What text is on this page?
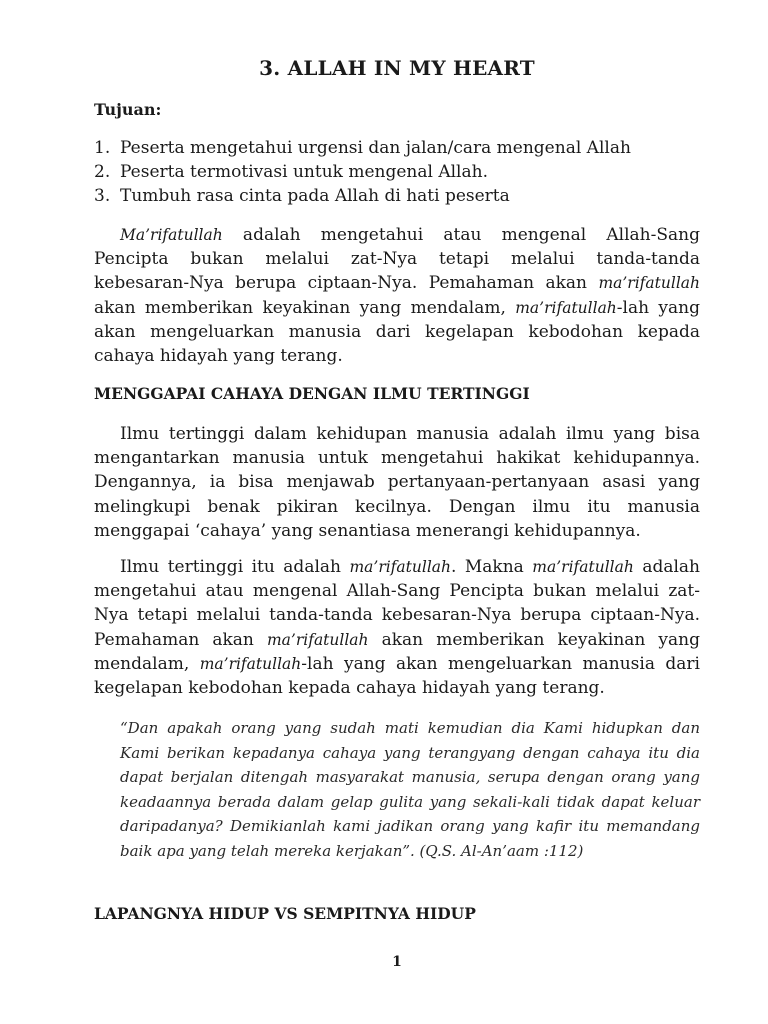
3. ALLAH IN MY HEART

Tujuan:

1. Peserta mengetahui urgensi dan jalan/cara mengenal Allah
2. Peserta termotivasi untuk mengenal Allah.
3. Tumbuh rasa cinta pada Allah di hati peserta

Ma’rifatullah adalah mengetahui atau mengenal Allah-Sang Pencipta bukan melalui zat-Nya tetapi melalui tanda-tanda kebesaran-Nya berupa ciptaan-Nya. Pemahaman akan ma’rifatullah akan memberikan keyakinan yang mendalam, ma’rifatullah-lah yang akan mengeluarkan manusia dari kegelapan kebodohan kepada cahaya hidayah yang terang.

MENGGAPAI CAHAYA DENGAN ILMU TERTINGGI

Ilmu tertinggi dalam kehidupan manusia adalah ilmu yang bisa mengantarkan manusia untuk mengetahui hakikat kehidupannya. Dengannya, ia bisa menjawab pertanyaan-pertanyaan asasi yang melingkupi benak pikiran kecilnya. Dengan ilmu itu manusia menggapai ‘cahaya’ yang senantiasa menerangi kehidupannya.

Ilmu tertinggi itu adalah ma’rifatullah. Makna ma’rifatullah adalah mengetahui atau mengenal Allah-Sang Pencipta bukan melalui zat-Nya tetapi melalui tanda-tanda kebesaran-Nya berupa ciptaan-Nya. Pemahaman akan ma’rifatullah akan memberikan keyakinan yang mendalam, ma’rifatullah-lah yang akan mengeluarkan manusia dari kegelapan kebodohan kepada cahaya hidayah yang terang.

“Dan apakah orang yang sudah mati kemudian dia Kami hidupkan dan Kami berikan kepadanya cahaya yang terangyang dengan cahaya itu dia dapat berjalan ditengah masyarakat manusia, serupa dengan orang yang keadaannya berada dalam gelap gulita yang sekali-kali tidak dapat keluar daripadanya? Demikianlah kami jadikan orang yang kafir itu memandang baik apa yang telah mereka kerjakan”. (Q.S. Al-An’aam :112)

LAPANGNYA HIDUP VS SEMPITNYA HIDUP

1
